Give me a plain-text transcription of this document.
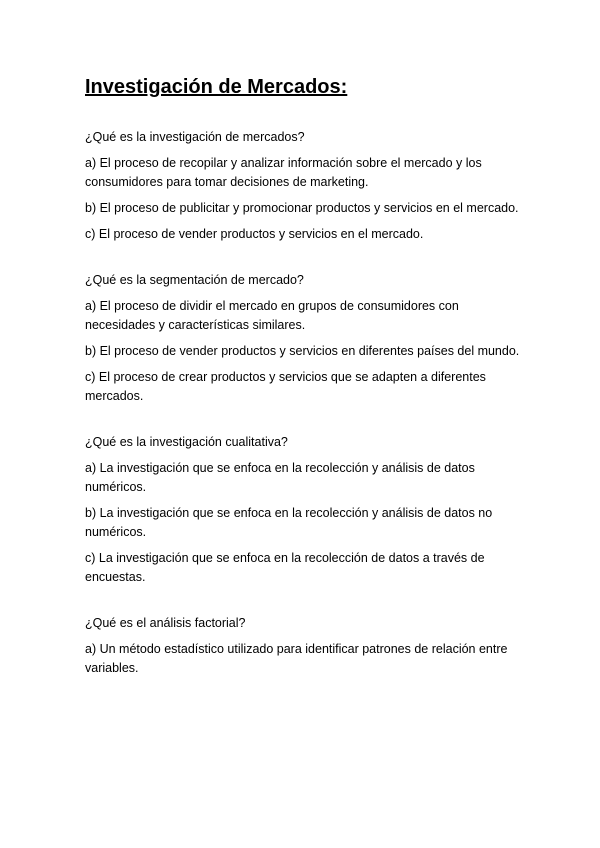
Investigación de Mercados:

¿Qué es la investigación de mercados?

a) El proceso de recopilar y analizar información sobre el mercado y los consumidores para tomar decisiones de marketing.

b) El proceso de publicitar y promocionar productos y servicios en el mercado.

c) El proceso de vender productos y servicios en el mercado.

¿Qué es la segmentación de mercado?

a) El proceso de dividir el mercado en grupos de consumidores con necesidades y características similares.

b) El proceso de vender productos y servicios en diferentes países del mundo.

c) El proceso de crear productos y servicios que se adapten a diferentes mercados.

¿Qué es la investigación cualitativa?

a) La investigación que se enfoca en la recolección y análisis de datos numéricos.

b) La investigación que se enfoca en la recolección y análisis de datos no numéricos.

c) La investigación que se enfoca en la recolección de datos a través de encuestas.

¿Qué es el análisis factorial?

a) Un método estadístico utilizado para identificar patrones de relación entre variables.
